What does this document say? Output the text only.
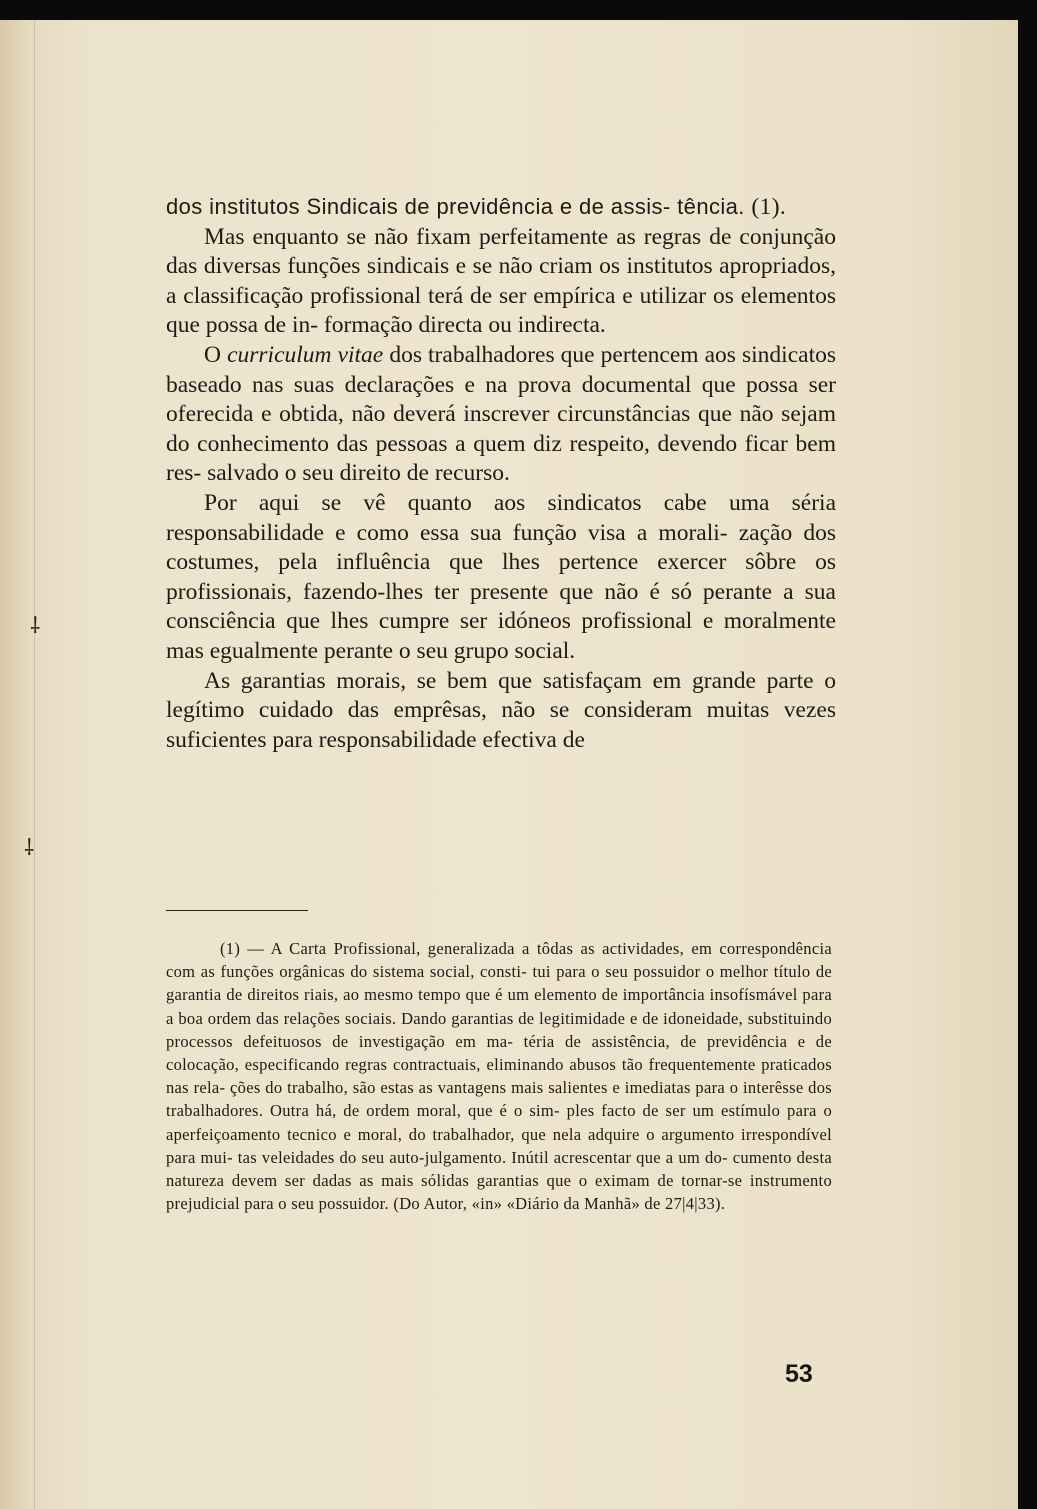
⸸
⸸

dos institutos Sindicais de previdência e de assis- tência. (1).

Mas enquanto se não fixam perfeitamente as regras de conjunção das diversas funções sindicais e se não criam os institutos apropriados, a classificação profissional terá de ser empírica e utilizar os elementos que possa de in- formação directa ou indirecta.

O curriculum vitae dos trabalhadores que pertencem aos sindicatos baseado nas suas declarações e na prova documental que possa ser oferecida e obtida, não deverá inscrever circunstâncias que não sejam do conhecimento das pessoas a quem diz respeito, devendo ficar bem res- salvado o seu direito de recurso.

Por aqui se vê quanto aos sindicatos cabe uma séria responsabilidade e como essa sua função visa a morali- zação dos costumes, pela influência que lhes pertence exercer sôbre os profissionais, fazendo-lhes ter presente que não é só perante a sua consciência que lhes cumpre ser idóneos profissional e moralmente mas egualmente perante o seu grupo social.

As garantias morais, se bem que satisfaçam em grande parte o legítimo cuidado das emprêsas, não se consideram muitas vezes suficientes para responsabilidade efectiva de

(1) — A Carta Profissional, generalizada a tôdas as actividades, em correspondência com as funções orgânicas do sistema social, consti- tui para o seu possuidor o melhor título de garantia de direitos riais, ao mesmo tempo que é um elemento de importância insofísmável para a boa ordem das relações sociais. Dando garantias de legitimidade e de idoneidade, substituindo processos defeituosos de investigação em ma- téria de assistência, de previdência e de colocação, especificando regras contractuais, eliminando abusos tão frequentemente praticados nas rela- ções do trabalho, são estas as vantagens mais salientes e imediatas para o interêsse dos trabalhadores. Outra há, de ordem moral, que é o sim- ples facto de ser um estímulo para o aperfeiçoamento tecnico e moral, do trabalhador, que nela adquire o argumento irrespondível para mui- tas veleidades do seu auto-julgamento. Inútil acrescentar que a um do- cumento desta natureza devem ser dadas as mais sólidas garantias que o eximam de tornar-se instrumento prejudicial para o seu possuidor. (Do Autor, «in» «Diário da Manhã» de 27|4|33).

53
